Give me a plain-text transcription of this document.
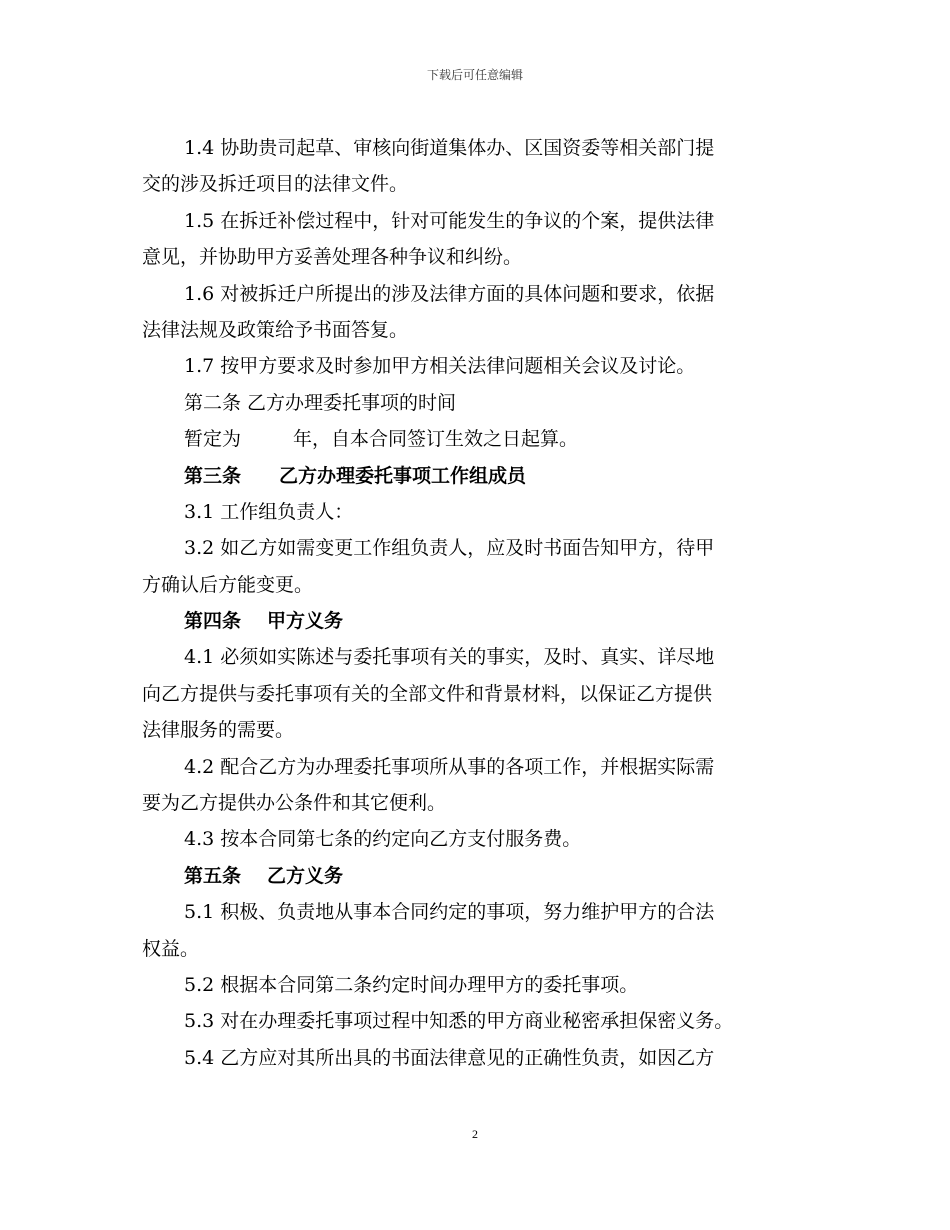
下载后可任意编辑
1.4 协助贵司起草、审核向街道集体办、区国资委等相关部门提
交的涉及拆迁项目的法律文件。
1.5 在拆迁补偿过程中，针对可能发生的争议的个案，提供法律
意见，并协助甲方妥善处理各种争议和纠纷。
1.6 对被拆迁户所提出的涉及法律方面的具体问题和要求，依据
法律法规及政策给予书面答复。
1.7 按甲方要求及时参加甲方相关法律问题相关会议及讨论。
第二条 乙方办理委托事项的时间
暂定为	年，自本合同签订生效之日起算。
第三条 乙方办理委托事项工作组成员
3.1 工作组负责人：
3.2 如乙方如需变更工作组负责人，应及时书面告知甲方，待甲
方确认后方能变更。
第四条 甲方义务
4.1 必须如实陈述与委托事项有关的事实，及时、真实、详尽地
向乙方提供与委托事项有关的全部文件和背景材料，以保证乙方提供
法律服务的需要。
4.2 配合乙方为办理委托事项所从事的各项工作，并根据实际需
要为乙方提供办公条件和其它便利。
4.3 按本合同第七条的约定向乙方支付服务费。
第五条 乙方义务
5.1 积极、负责地从事本合同约定的事项，努力维护甲方的合法
权益。
5.2 根据本合同第二条约定时间办理甲方的委托事项。
5.3 对在办理委托事项过程中知悉的甲方商业秘密承担保密义务。
5.4 乙方应对其所出具的书面法律意见的正确性负责，如因乙方
2
